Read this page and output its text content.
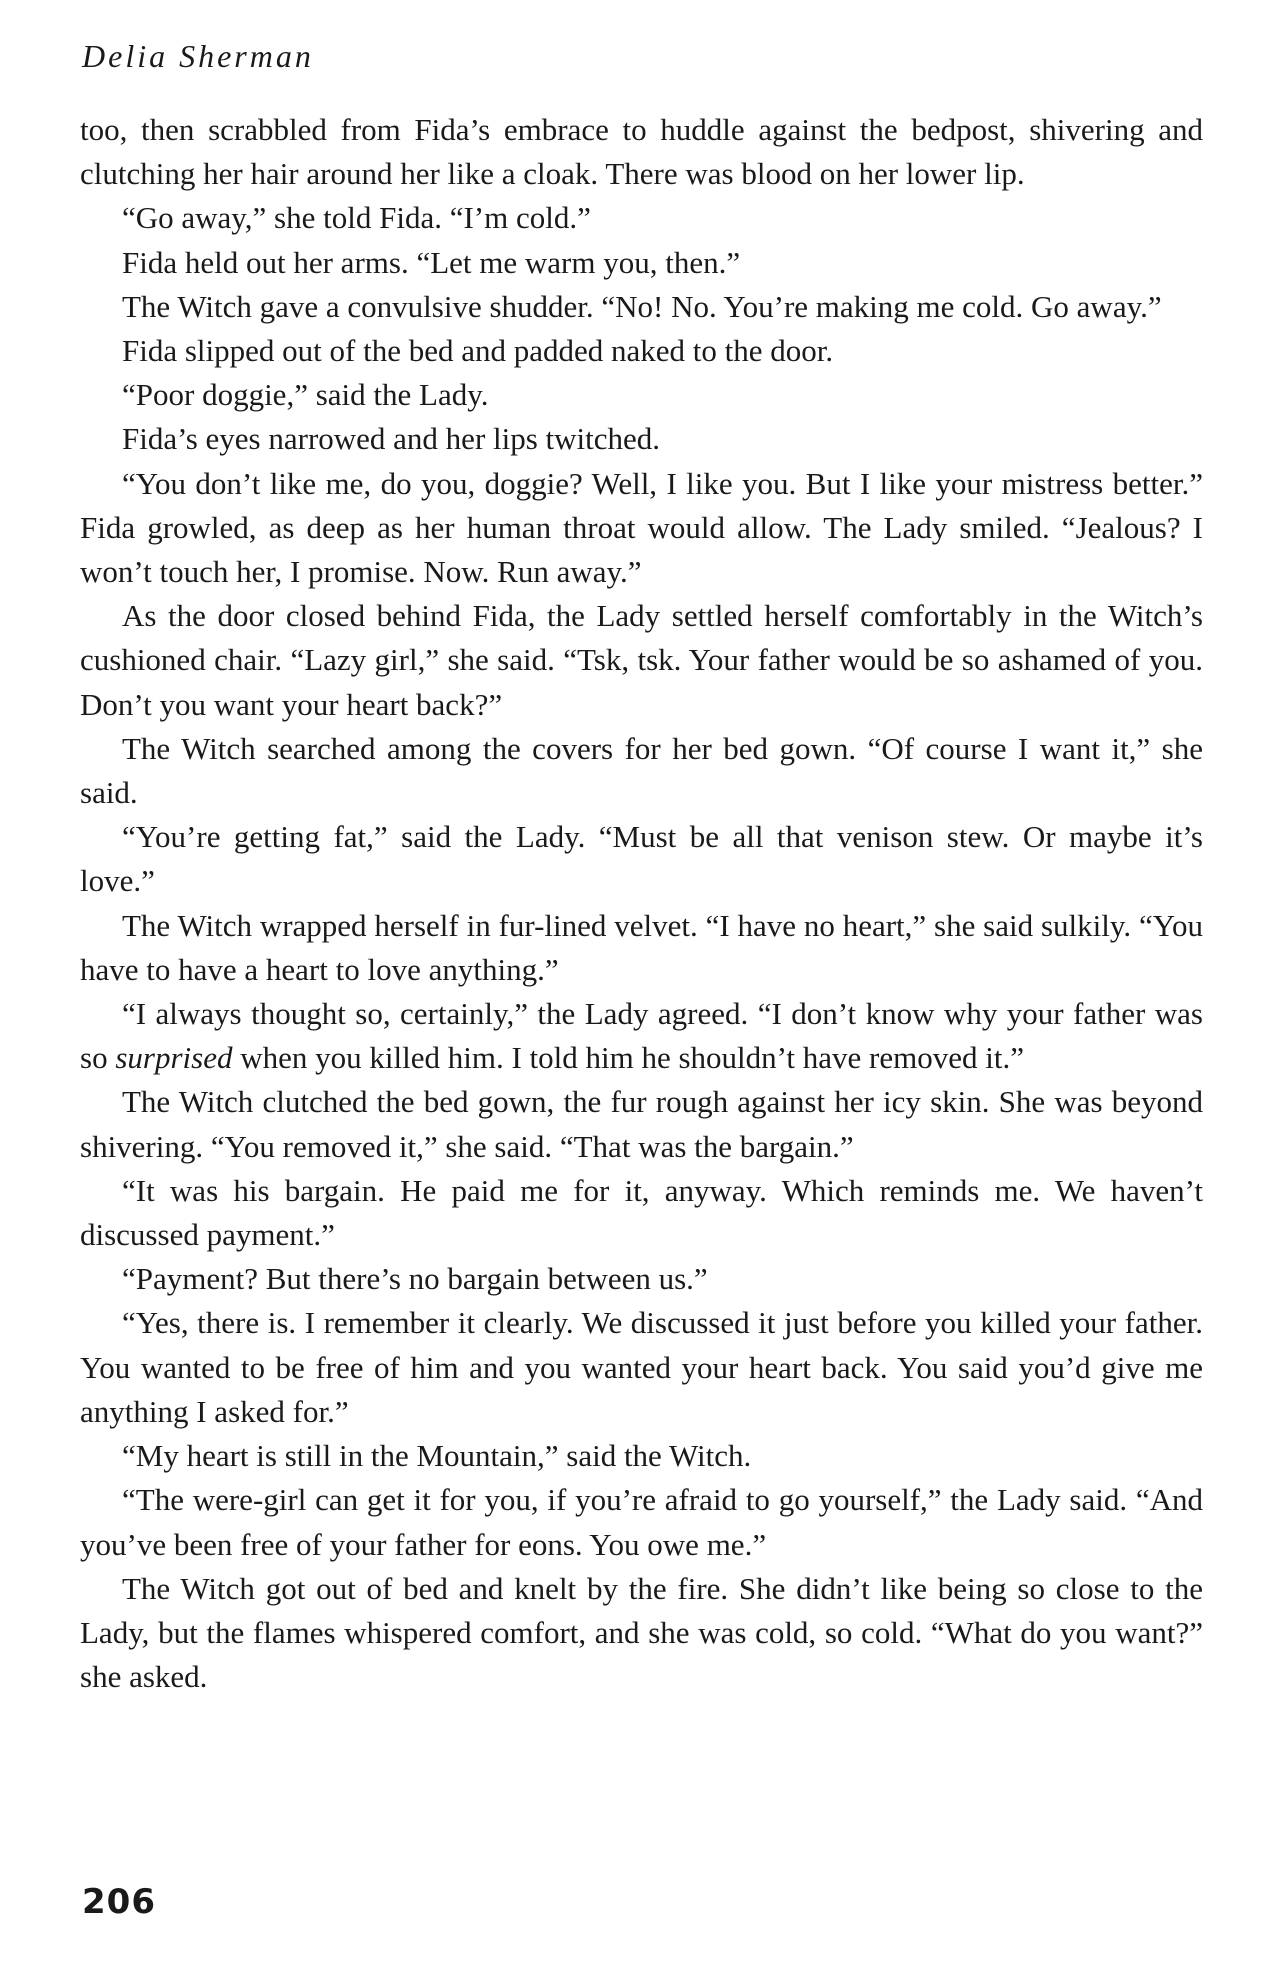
Delia Sherman

too, then scrabbled from Fida’s embrace to huddle against the bedpost, shivering and clutching her hair around her like a cloak. There was blood on her lower lip.

“Go away,” she told Fida. “I’m cold.”

Fida held out her arms. “Let me warm you, then.”

The Witch gave a convulsive shudder. “No! No. You’re making me cold. Go away.”

Fida slipped out of the bed and padded naked to the door.

“Poor doggie,” said the Lady.

Fida’s eyes narrowed and her lips twitched.

“You don’t like me, do you, doggie? Well, I like you. But I like your mistress better.” Fida growled, as deep as her human throat would allow. The Lady smiled. “Jealous? I won’t touch her, I promise. Now. Run away.”

As the door closed behind Fida, the Lady settled herself comfortably in the Witch’s cushioned chair. “Lazy girl,” she said. “Tsk, tsk. Your father would be so ashamed of you. Don’t you want your heart back?”

The Witch searched among the covers for her bed gown. “Of course I want it,” she said.

“You’re getting fat,” said the Lady. “Must be all that venison stew. Or maybe it’s love.”

The Witch wrapped herself in fur-lined velvet. “I have no heart,” she said sulkily. “You have to have a heart to love anything.”

“I always thought so, certainly,” the Lady agreed. “I don’t know why your father was so surprised when you killed him. I told him he shouldn’t have removed it.”

The Witch clutched the bed gown, the fur rough against her icy skin. She was beyond shivering. “You removed it,” she said. “That was the bargain.”

“It was his bargain. He paid me for it, anyway. Which reminds me. We haven’t discussed payment.”

“Payment? But there’s no bargain between us.”

“Yes, there is. I remember it clearly. We discussed it just before you killed your father. You wanted to be free of him and you wanted your heart back. You said you’d give me anything I asked for.”

“My heart is still in the Mountain,” said the Witch.

“The were-girl can get it for you, if you’re afraid to go yourself,” the Lady said. “And you’ve been free of your father for eons. You owe me.”

The Witch got out of bed and knelt by the fire. She didn’t like being so close to the Lady, but the flames whispered comfort, and she was cold, so cold. “What do you want?” she asked.

206
